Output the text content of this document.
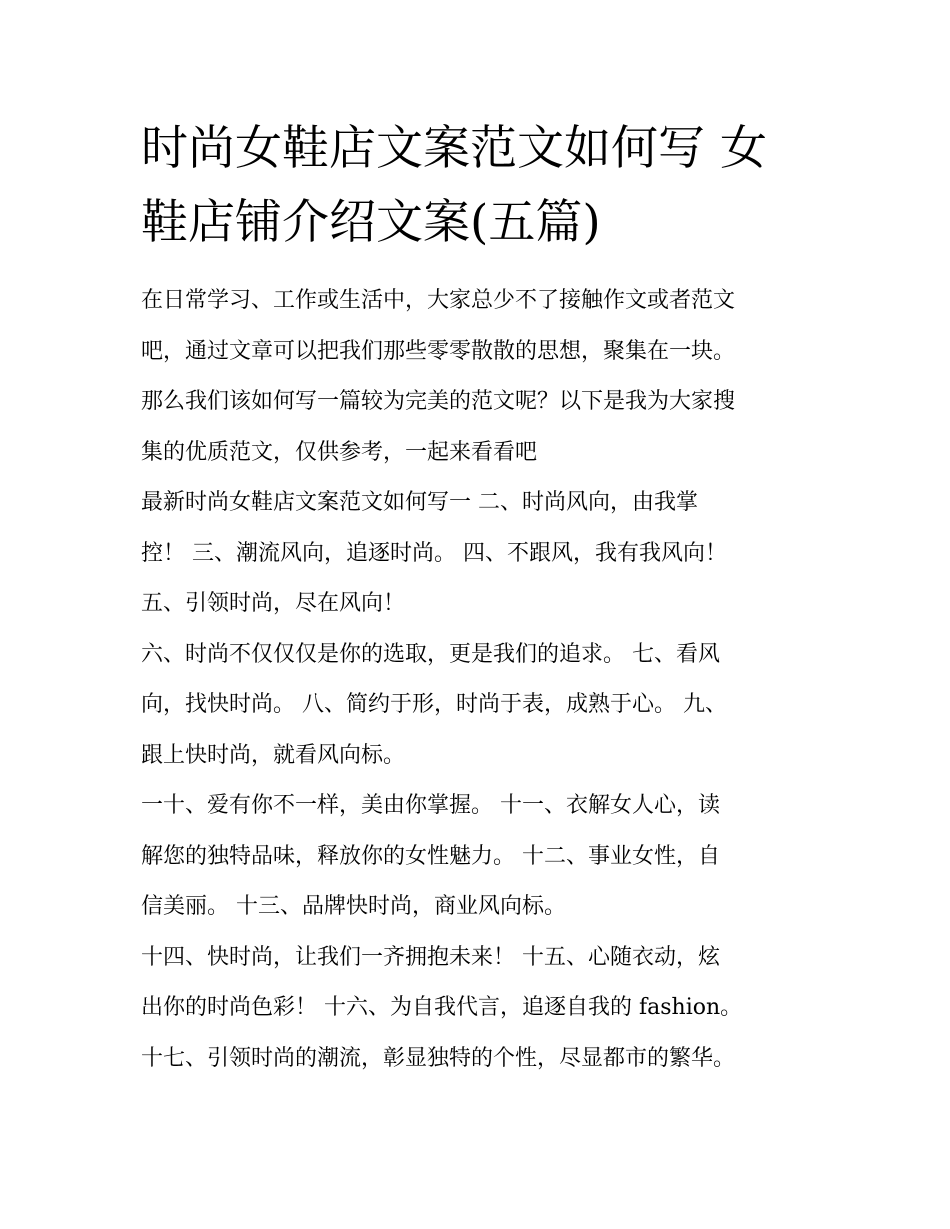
时尚女鞋店文案范文如何写 女
鞋店铺介绍文案(五篇)

在日常学习、工作或生活中，大家总少不了接触作文或者范文
吧，通过文章可以把我们那些零零散散的思想，聚集在一块。
那么我们该如何写一篇较为完美的范文呢？以下是我为大家搜
集的优质范文，仅供参考，一起来看看吧

最新时尚女鞋店文案范文如何写一 二、时尚风向，由我掌
控！ 三、潮流风向，追逐时尚。 四、不跟风，我有我风向！
五、引领时尚，尽在风向！

六、时尚不仅仅仅是你的选取，更是我们的追求。 七、看风
向，找快时尚。 八、简约于形，时尚于表，成熟于心。 九、
跟上快时尚，就看风向标。

一十、爱有你不一样，美由你掌握。 十一、衣解女人心，读
解您的独特品味，释放你的女性魅力。 十二、事业女性，自
信美丽。 十三、品牌快时尚，商业风向标。

十四、快时尚，让我们一齐拥抱未来！ 十五、心随衣动，炫
出你的时尚色彩！ 十六、为自我代言，追逐自我的 fashion。
十七、引领时尚的潮流，彰显独特的个性，尽显都市的繁华。
